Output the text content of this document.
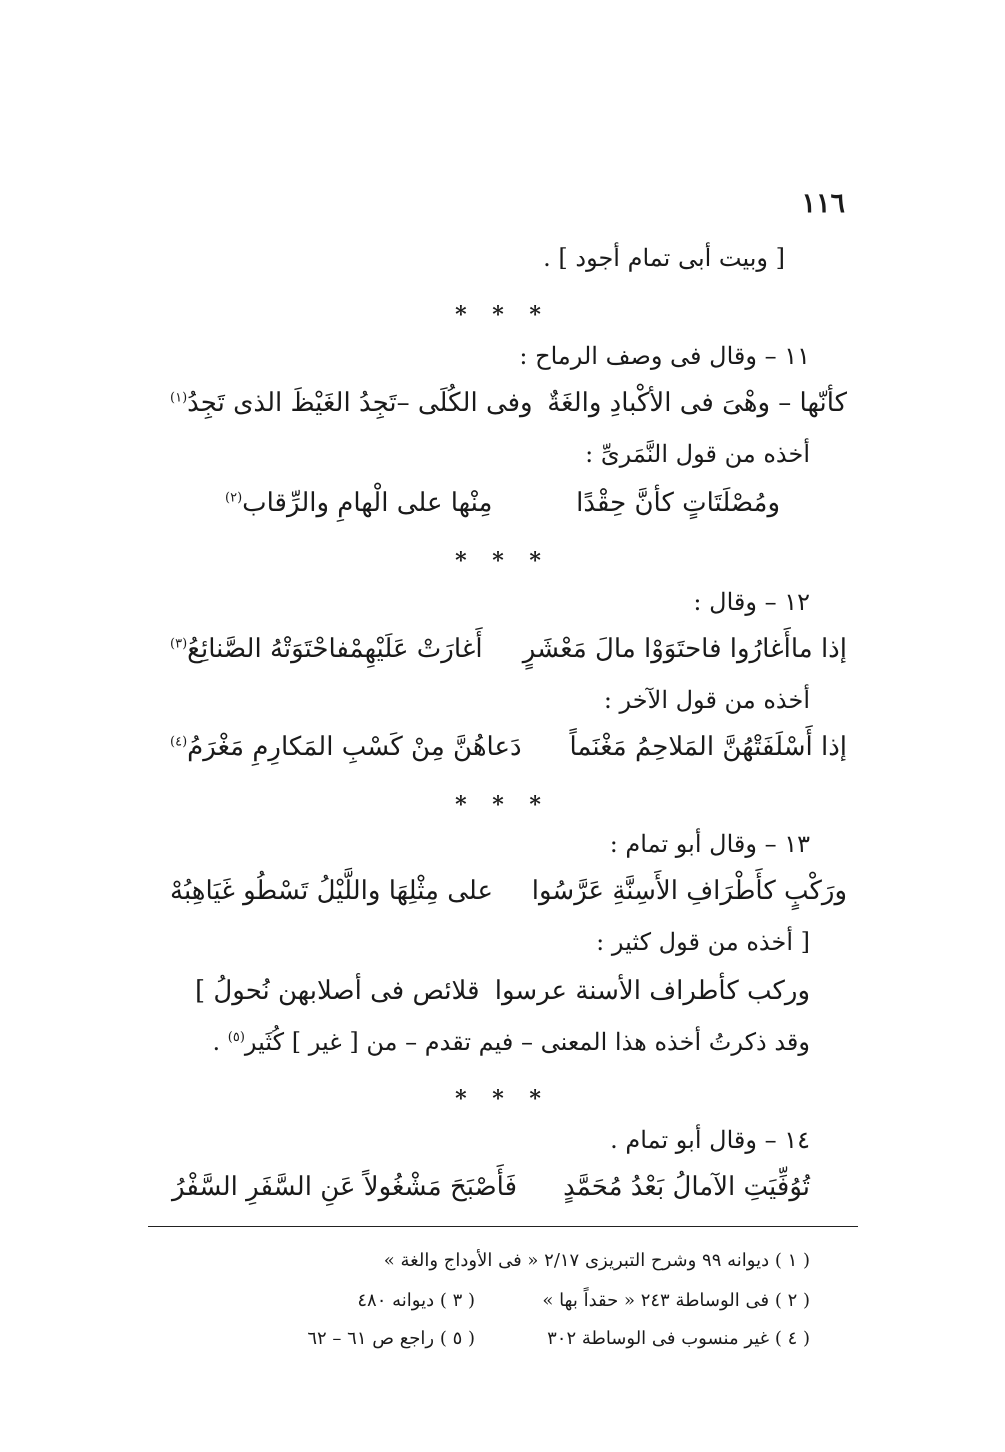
١١٦
[ وبيت أبى تمام أجود ] .
* * *
١١ – وقال فى وصف الرماح :
كأنّها – وهْىَ فى الأكْبادِ والغَةٌ
وفى الكُلَى –تَجِدُ الغَيْظَ الذى تَجِدُ$^{(١)}$
أخذه من قول النَّمَرىِّ :
ومُصْلَتَاتٍ كأنَّ حِقْدًا
مِنْها على الْهامِ والرِّقاب$^{(٢)}$
* * *
١٢ – وقال :
إذا ماأَغارُوا فاحتَوَوْا مالَ مَعْشَرٍ
أَغارَتْ عَلَيْهِمْفاحْتَوَتْهُ الصَّنائِعُ$^{(٣)}$
أخذه من قول الآخر :
إذا أَسْلَفَتْهُنَّ المَلاحِمُ مَغْنَماً
دَعاهُنَّ مِنْ كَسْبِ المَكارِمِ مَغْرَمُ$^{(٤)}$
* * *
١٣ – وقال أبو تمام :
ورَكْبٍ كأَطْرَافِ الأَسِنَّةِ عَرَّسُوا
على مِثْلِهَا واللَّيْلُ تَسْطُو غَيَاهِبُهْ
[ أخذه من قول كثير :
وركب كأطراف الأسنة عرسوا
قلائص فى أصلابهن نُحولُ ]
وقد ذكرتُ أخذه هذا المعنى – فيم تقدم – من [ غير ] كُثَير$^{(٥)}$ .
* * *
١٤ – وقال أبو تمام .
تُوُفِّيَتِ الآمالُ بَعْدُ مُحَمَّدٍ
فَأَصْبَحَ مَشْغُولاً عَنِ السَّفَرِ السَّفْرُ
( ١ ) ديوانه ٩٩ وشرح التبريزى ٢/١٧ « فى الأوداج والغة »
( ٢ ) فى الوساطة ٢٤٣ « حقداً بها »
( ٣ ) ديوانه ٤٨٠
( ٤ ) غير منسوب فى الوساطة ٣٠٢
( ٥ ) راجع ص ٦١ – ٦٢
